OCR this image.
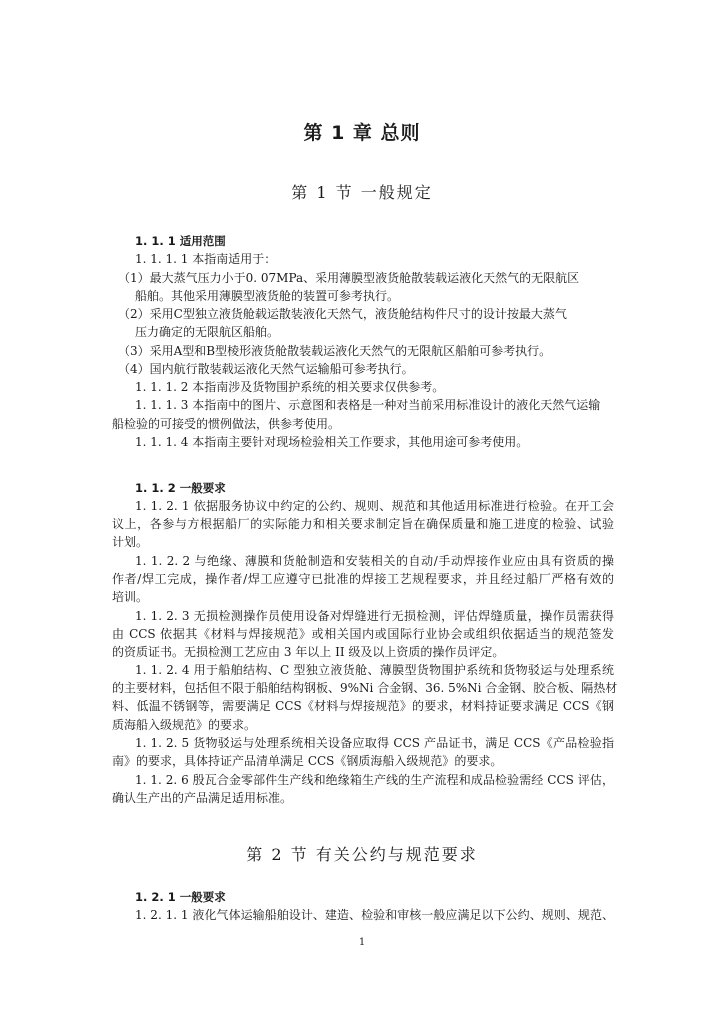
第 1 章 总则
第 1 节 一般规定
1. 1. 1 适用范围
1. 1. 1. 1 本指南适用于：
（1）最大蒸气压力小于0. 07MPa、采用薄膜型液货舱散装载运液化天然气的无限航区
船舶。其他采用薄膜型液货舱的装置可参考执行。
（2）采用C型独立液货舱载运散装液化天然气，液货舱结构件尺寸的设计按最大蒸气
压力确定的无限航区船舶。
（3）采用A型和B型棱形液货舱散装载运液化天然气的无限航区船舶可参考执行。
（4）国内航行散装载运液化天然气运输船可参考执行。
1. 1. 1. 2 本指南涉及货物围护系统的相关要求仅供参考。
1. 1. 1. 3 本指南中的图片、示意图和表格是一种对当前采用标准设计的液化天然气运输
船检验的可接受的惯例做法，供参考使用。
1. 1. 1. 4 本指南主要针对现场检验相关工作要求，其他用途可参考使用。
1. 1. 2 一般要求
1. 1. 2. 1 依据服务协议中约定的公约、规则、规范和其他适用标准进行检验。在开工会
议上，各参与方根据船厂的实际能力和相关要求制定旨在确保质量和施工进度的检验、试验
计划。
1. 1. 2. 2 与绝缘、薄膜和货舱制造和安装相关的自动/手动焊接作业应由具有资质的操
作者/焊工完成，操作者/焊工应遵守已批准的焊接工艺规程要求，并且经过船厂严格有效的
培训。
1. 1. 2. 3 无损检测操作员使用设备对焊缝进行无损检测，评估焊缝质量，操作员需获得
由 CCS 依据其《材料与焊接规范》或相关国内或国际行业协会或组织依据适当的规范签发
的资质证书。无损检测工艺应由 3 年以上 II 级及以上资质的操作员评定。
1. 1. 2. 4 用于船舶结构、C 型独立液货舱、薄膜型货物围护系统和货物驳运与处理系统
的主要材料，包括但不限于船舶结构钢板、9%Ni 合金钢、36. 5%Ni 合金钢、胶合板、隔热材
料、低温不锈钢等，需要满足 CCS《材料与焊接规范》的要求，材料持证要求满足 CCS《钢
质海船入级规范》的要求。
1. 1. 2. 5 货物驳运与处理系统相关设备应取得 CCS 产品证书，满足 CCS《产品检验指
南》的要求，具体持证产品清单满足 CCS《钢质海船入级规范》的要求。
1. 1. 2. 6 殷瓦合金零部件生产线和绝缘箱生产线的生产流程和成品检验需经 CCS 评估，
确认生产出的产品满足适用标准。
1. 2. 1 一般要求
1. 2. 1. 1 液化气体运输船舶设计、建造、检验和审核一般应满足以下公约、规则、规范、
第 2 节 有关公约与规范要求
1
